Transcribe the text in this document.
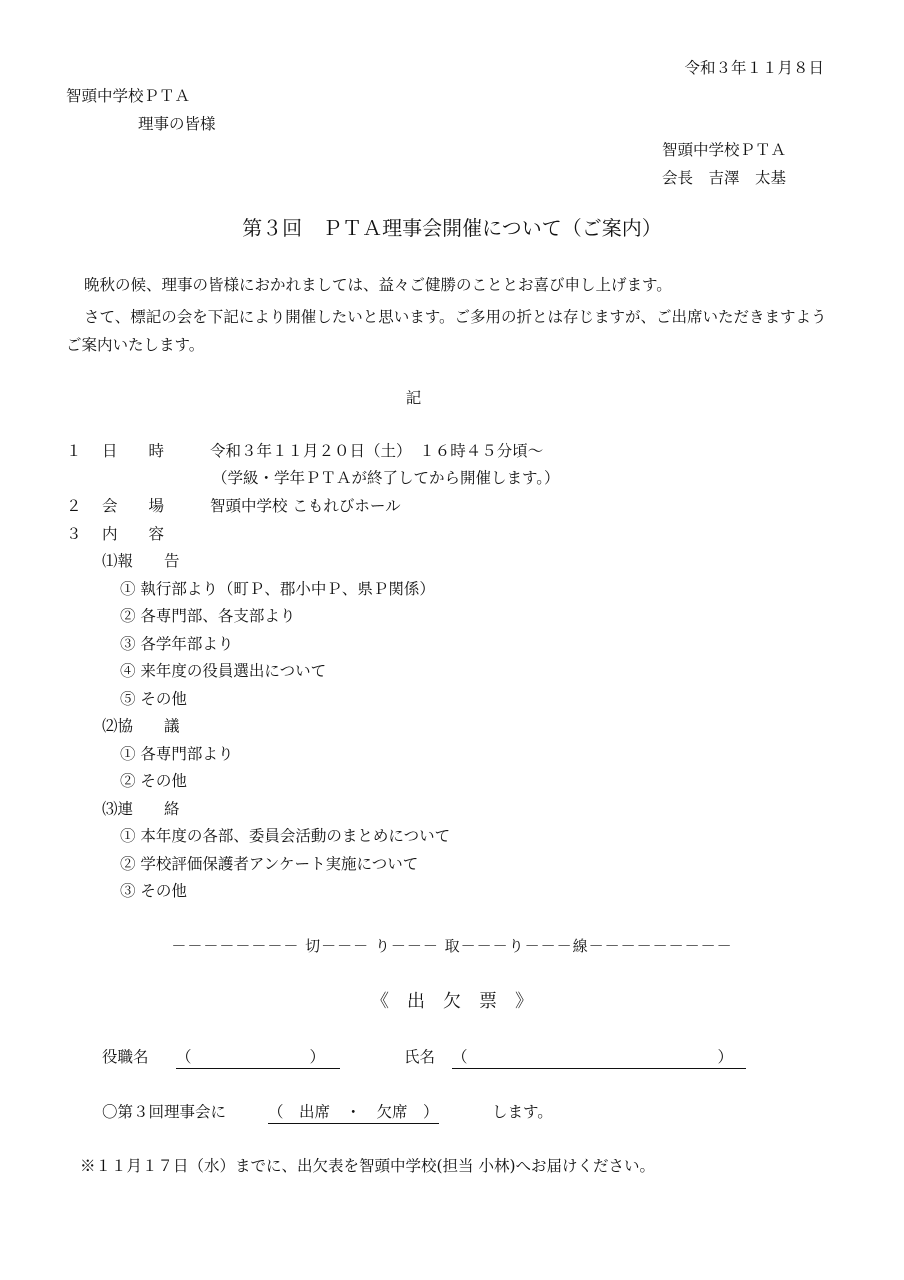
令和３年１１月８日
智頭中学校ＰＴＡ
理事の皆様
智頭中学校ＰＴＡ
会長　吉澤　太基
第３回　ＰＴＡ理事会開催について（ご案内）
晩秋の候、理事の皆様におかれましては、益々ご健勝のこととお喜び申し上げます。
さて、標記の会を下記により開催したいと思います。ご多用の折とは存じますが、ご出席いただきますようご案内いたします。
記
１ 日　　時	令和３年１１月２０日（土）　１６時４５分頃～
（学級・学年ＰＴＡが終了してから開催します。）
２ 会　　場	智頭中学校 こもれびホール
３ 内　　容
⑴報　　告
① 執行部より（町Ｐ、郡小中Ｐ、県Ｐ関係）
② 各専門部、各支部より
③ 各学年部より
④ 来年度の役員選出について
⑤ その他
⑵協　　議
① 各専門部より
② その他
⑶連　　絡
① 本年度の各部、委員会活動のまとめについて
② 学校評価保護者アンケート実施について
③ その他
－－－－－－－－ 切－－－ り－－－ 取－－－り－－－線－－－－－－－－－
《　出　欠　票　》
役職名 （	）	氏名 （	）
〇第３回理事会に	（　出席　・　欠席　）	します。
※１１月１７日（水）までに、出欠表を智頭中学校(担当 小林)へお届けください。
